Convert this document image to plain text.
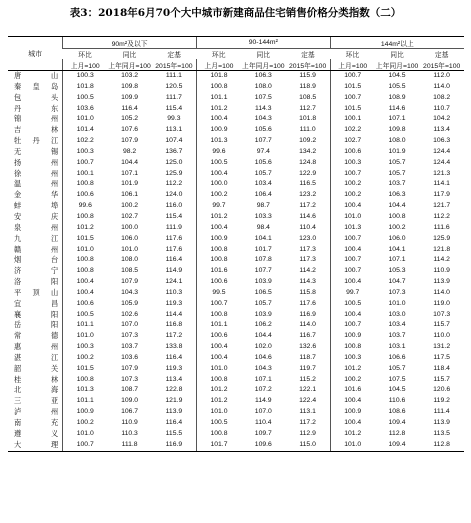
表3：2018年6月70个大中城市新建商品住宅销售价格分类指数（二）
城市	90m²及以下			90-144m²			144m²以上		
	环比	同比	定基	环比	同比	定基	环比	同比	定基
	上月=100	上年同月=100	2015年=100	上月=100	上年同月=100	2015年=100	上月=100	上年同月=100	2015年=100
唐 山	100.3	103.2	111.1	101.8	106.3	115.9	100.7	104.5	112.0
秦皇岛	101.8	109.8	120.5	100.8	108.0	118.9	101.5	105.5	114.0
包 头	100.5	109.9	111.7	101.1	107.5	108.5	100.7	108.9	108.2
丹 东	103.6	116.4	115.4	101.2	114.3	112.7	101.5	114.6	110.7
锦 州	101.0	105.2	99.3	100.4	104.3	101.8	100.1	107.1	104.2
吉 林	101.4	107.6	113.1	100.9	105.6	111.0	102.2	109.8	113.4
牡丹江	102.2	107.9	107.4	101.3	107.7	109.2	102.7	108.0	106.3
无 锡	100.3	98.2	136.7	99.6	97.4	134.2	100.6	101.9	124.4
扬 州	100.7	104.4	125.0	100.5	105.6	124.8	100.3	105.7	124.4
徐 州	100.1	107.1	125.9	100.4	105.7	122.9	100.7	105.7	121.3
温 州	100.8	101.9	112.2	100.0	103.4	116.5	100.2	103.7	114.1
金 华	100.6	106.1	124.0	100.2	106.4	123.2	100.2	106.3	117.9
蚌 埠	99.6	100.2	116.0	99.7	98.7	117.2	100.4	104.4	121.7
安 庆	100.8	102.7	115.4	101.2	103.3	114.6	101.0	100.8	112.2
泉 州	101.2	100.0	111.9	100.4	98.4	110.4	101.3	100.2	111.6
九 江	101.5	106.0	117.6	100.9	104.1	123.0	100.7	106.0	125.9
赣 州	101.0	101.0	117.6	100.8	101.7	117.3	100.4	104.1	121.8
烟 台	100.8	108.0	116.4	100.8	107.8	117.3	100.7	107.1	114.2
济 宁	100.8	108.5	114.9	101.6	107.7	114.2	100.7	105.3	110.9
洛 阳	100.4	107.9	124.1	100.6	103.9	114.3	100.4	104.7	113.9
平顶山	100.4	104.3	110.3	99.5	106.5	115.8	99.7	107.3	114.0
宜 昌	100.6	105.9	119.3	100.7	105.7	117.6	100.5	101.0	119.0
襄 阳	100.5	102.6	114.4	100.8	103.9	116.9	100.4	103.0	107.3
岳 阳	101.1	107.0	116.8	101.1	106.2	114.0	100.7	103.4	115.7
常 德	101.0	107.3	117.2	100.6	104.4	116.7	100.9	103.7	110.0
惠 州	100.3	103.7	133.8	100.4	102.0	132.6	100.8	103.1	131.2
湛 江	100.2	103.6	116.4	100.4	104.6	118.7	100.3	106.6	117.5
韶 关	101.5	107.9	119.3	101.0	104.3	119.7	101.2	105.7	118.4
桂 林	100.8	107.3	113.4	100.8	107.1	115.2	100.2	107.5	115.7
北 海	101.3	108.7	122.8	101.2	107.2	122.1	101.6	104.5	120.6
三 亚	101.1	109.0	121.9	101.2	114.9	122.4	100.4	110.6	119.2
泸 州	100.9	106.7	113.9	101.0	107.0	113.1	100.9	108.6	111.4
南 充	100.2	110.9	116.4	100.5	110.4	117.2	100.4	109.4	113.9
遵 义	101.0	110.3	115.5	100.8	109.7	112.9	101.2	112.8	113.5
大 理	100.7	111.8	116.9	101.7	109.6	115.0	101.0	109.4	112.8
